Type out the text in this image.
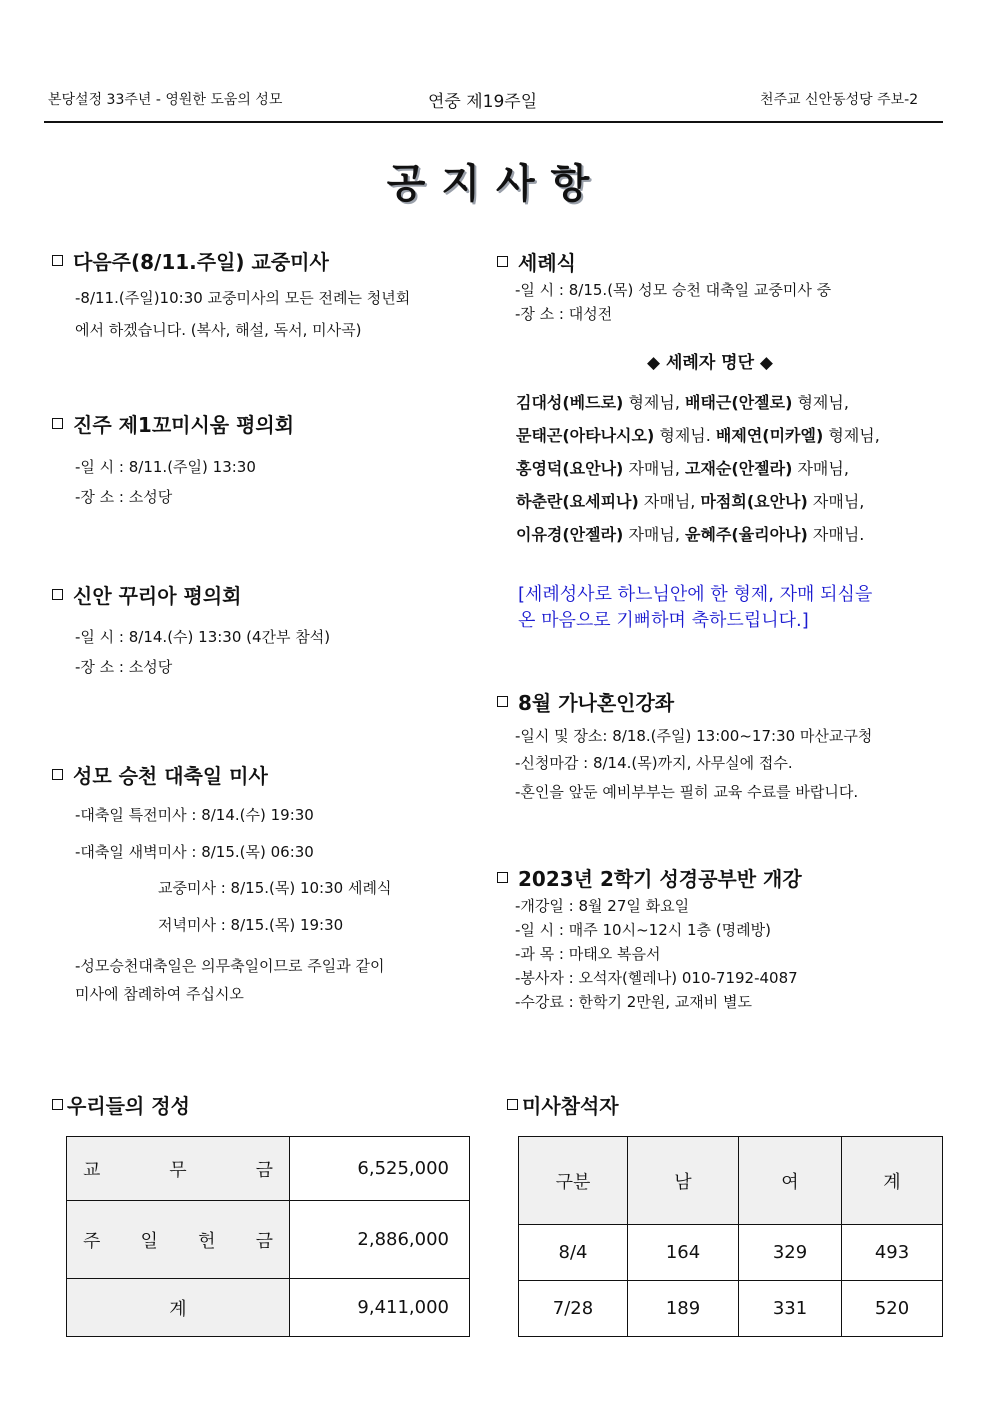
본당설정 33주년 - 영원한 도움의 성모	연중 제19주일	천주교 신안동성당 주보-2
공지사항
다음주(8/11.주일) 교중미사
-8/11.(주일)10:30 교중미사의 모든 전례는 청년회
에서 하겠습니다. (복사, 해설, 독서, 미사곡)
진주 제1꼬미시움 평의회
-일 시 : 8/11.(주일) 13:30
-장 소 : 소성당
신안 꾸리아 평의회
-일 시 : 8/14.(수) 13:30 (4간부 참석)
-장 소 : 소성당
성모 승천 대축일 미사
-대축일 특전미사 : 8/14.(수) 19:30
-대축일 새벽미사 : 8/15.(목) 06:30
교중미사 : 8/15.(목) 10:30 세례식
저녁미사 : 8/15.(목) 19:30
-성모승천대축일은 의무축일이므로 주일과 같이
미사에 참례하여 주십시오
세례식
-일 시 : 8/15.(목) 성모 승천 대축일 교중미사 중
-장 소 : 대성전
◆ 세례자 명단 ◆
김대성(베드로) 형제님, 배태근(안젤로) 형제님,
문태곤(아타나시오) 형제님. 배제연(미카엘) 형제님,
홍영덕(요안나) 자매님, 고재순(안젤라) 자매님,
하춘란(요세피나) 자매님, 마점희(요안나) 자매님,
이유경(안젤라) 자매님, 윤혜주(율리아나) 자매님.
[세례성사로 하느님안에 한 형제, 자매 되심을
온 마음으로 기뻐하며 축하드립니다.]
8월 가나혼인강좌
-일시 및 장소: 8/18.(주일) 13:00~17:30 마산교구청
-신청마감 : 8/14.(목)까지, 사무실에 접수.
-혼인을 앞둔 예비부부는 필히 교육 수료를 바랍니다.
2023년 2학기 성경공부반 개강
-개강일 : 8월 27일 화요일
-일 시 : 매주 10시~12시 1층 (명례방)
-과 목 : 마태오 복음서
-봉사자 : 오석자(헬레나) 010-7192-4087
-수강료 : 한학기 2만원, 교재비 별도
우리들의 정성
교 무 금	6,525,000

주 일 헌 금	2,886,000
계	9,411,000
미사참석자
구분	남	여	계
8/4	164	329	493
7/28	189	331	520
